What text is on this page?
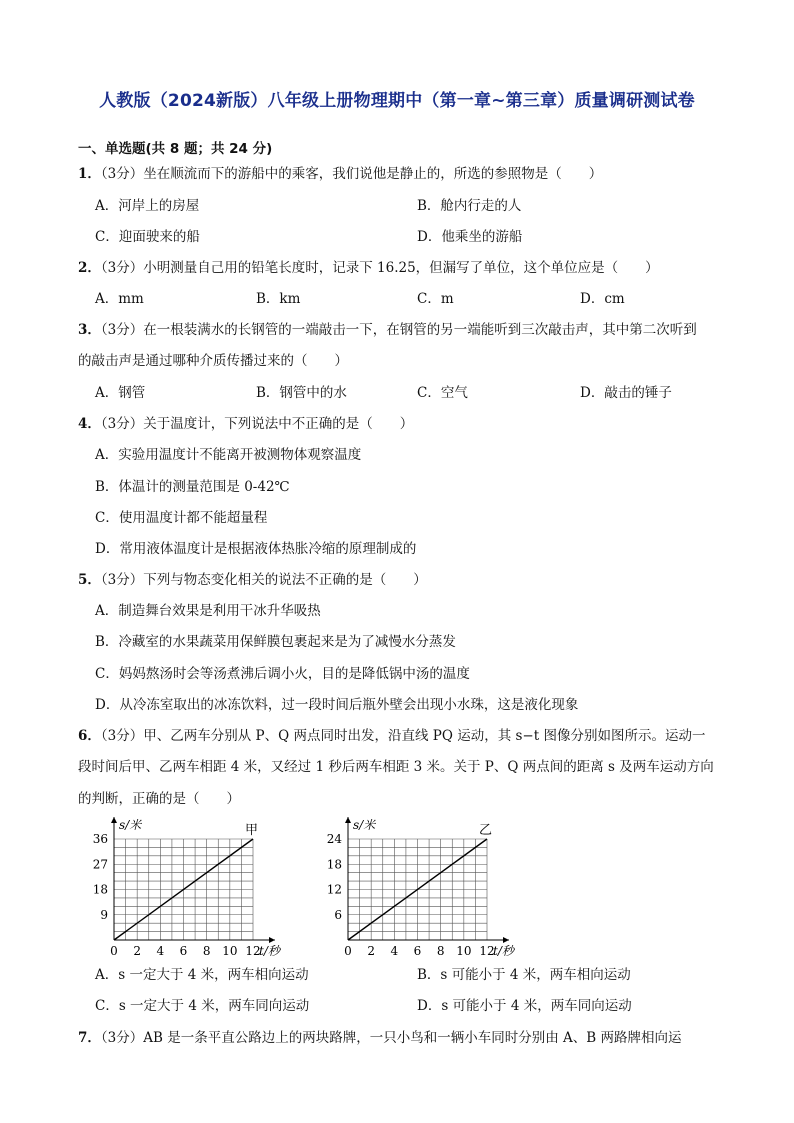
人教版（2024新版）八年级上册物理期中（第一章~第三章）质量调研测试卷
一、单选题(共 8 题；共 24 分)
1．（3分）坐在顺流而下的游船中的乘客，我们说他是静止的，所选的参照物是（　　）
A．河岸上的房屋	B．舱内行走的人
C．迎面驶来的船	D．他乘坐的游船
2．（3分）小明测量自己用的铅笔长度时，记录下 16.25，但漏写了单位，这个单位应是（　　）
A．mm	B．km	C．m	D．cm
3．（3分）在一根装满水的长钢管的一端敲击一下，在钢管的另一端能听到三次敲击声，其中第二次听到
的敲击声是通过哪种介质传播过来的（　　）
A．钢管	B．钢管中的水	C．空气	D．敲击的锤子
4．（3分）关于温度计，下列说法中不正确的是（　　）
A．实验用温度计不能离开被测物体观察温度
B．体温计的测量范围是 0-42℃
C．使用温度计都不能超量程
D．常用液体温度计是根据液体热胀冷缩的原理制成的
5．（3分）下列与物态变化相关的说法不正确的是（　　）
A．制造舞台效果是利用干冰升华吸热
B．冷藏室的水果蔬菜用保鲜膜包裹起来是为了减慢水分蒸发
C．妈妈熬汤时会等汤煮沸后调小火，目的是降低锅中汤的温度
D．从冷冻室取出的冰冻饮料，过一段时间后瓶外壁会出现小水珠，这是液化现象
6．（3分）甲、乙两车分别从 P、Q 两点同时出发，沿直线 PQ 运动，其 s−t 图像分别如图所示。运动一
段时间后甲、乙两车相距 4 米，又经过 1 秒后两车相距 3 米。关于 P、Q 两点间的距离 s 及两车运动方向
的判断，正确的是（　　）
0 2 4 6 8 10 12
9
18
27
36
s/米
t/秒
甲
0 2 4 6 8 10 12
6
12
18
24
s/米
t/秒
乙
A．s 一定大于 4 米，两车相向运动	B．s 可能小于 4 米，两车相向运动
C．s 一定大于 4 米，两车同向运动	D．s 可能小于 4 米，两车同向运动
7．（3分）AB 是一条平直公路边上的两块路牌，一只小鸟和一辆小车同时分别由 A、B 两路牌相向运
